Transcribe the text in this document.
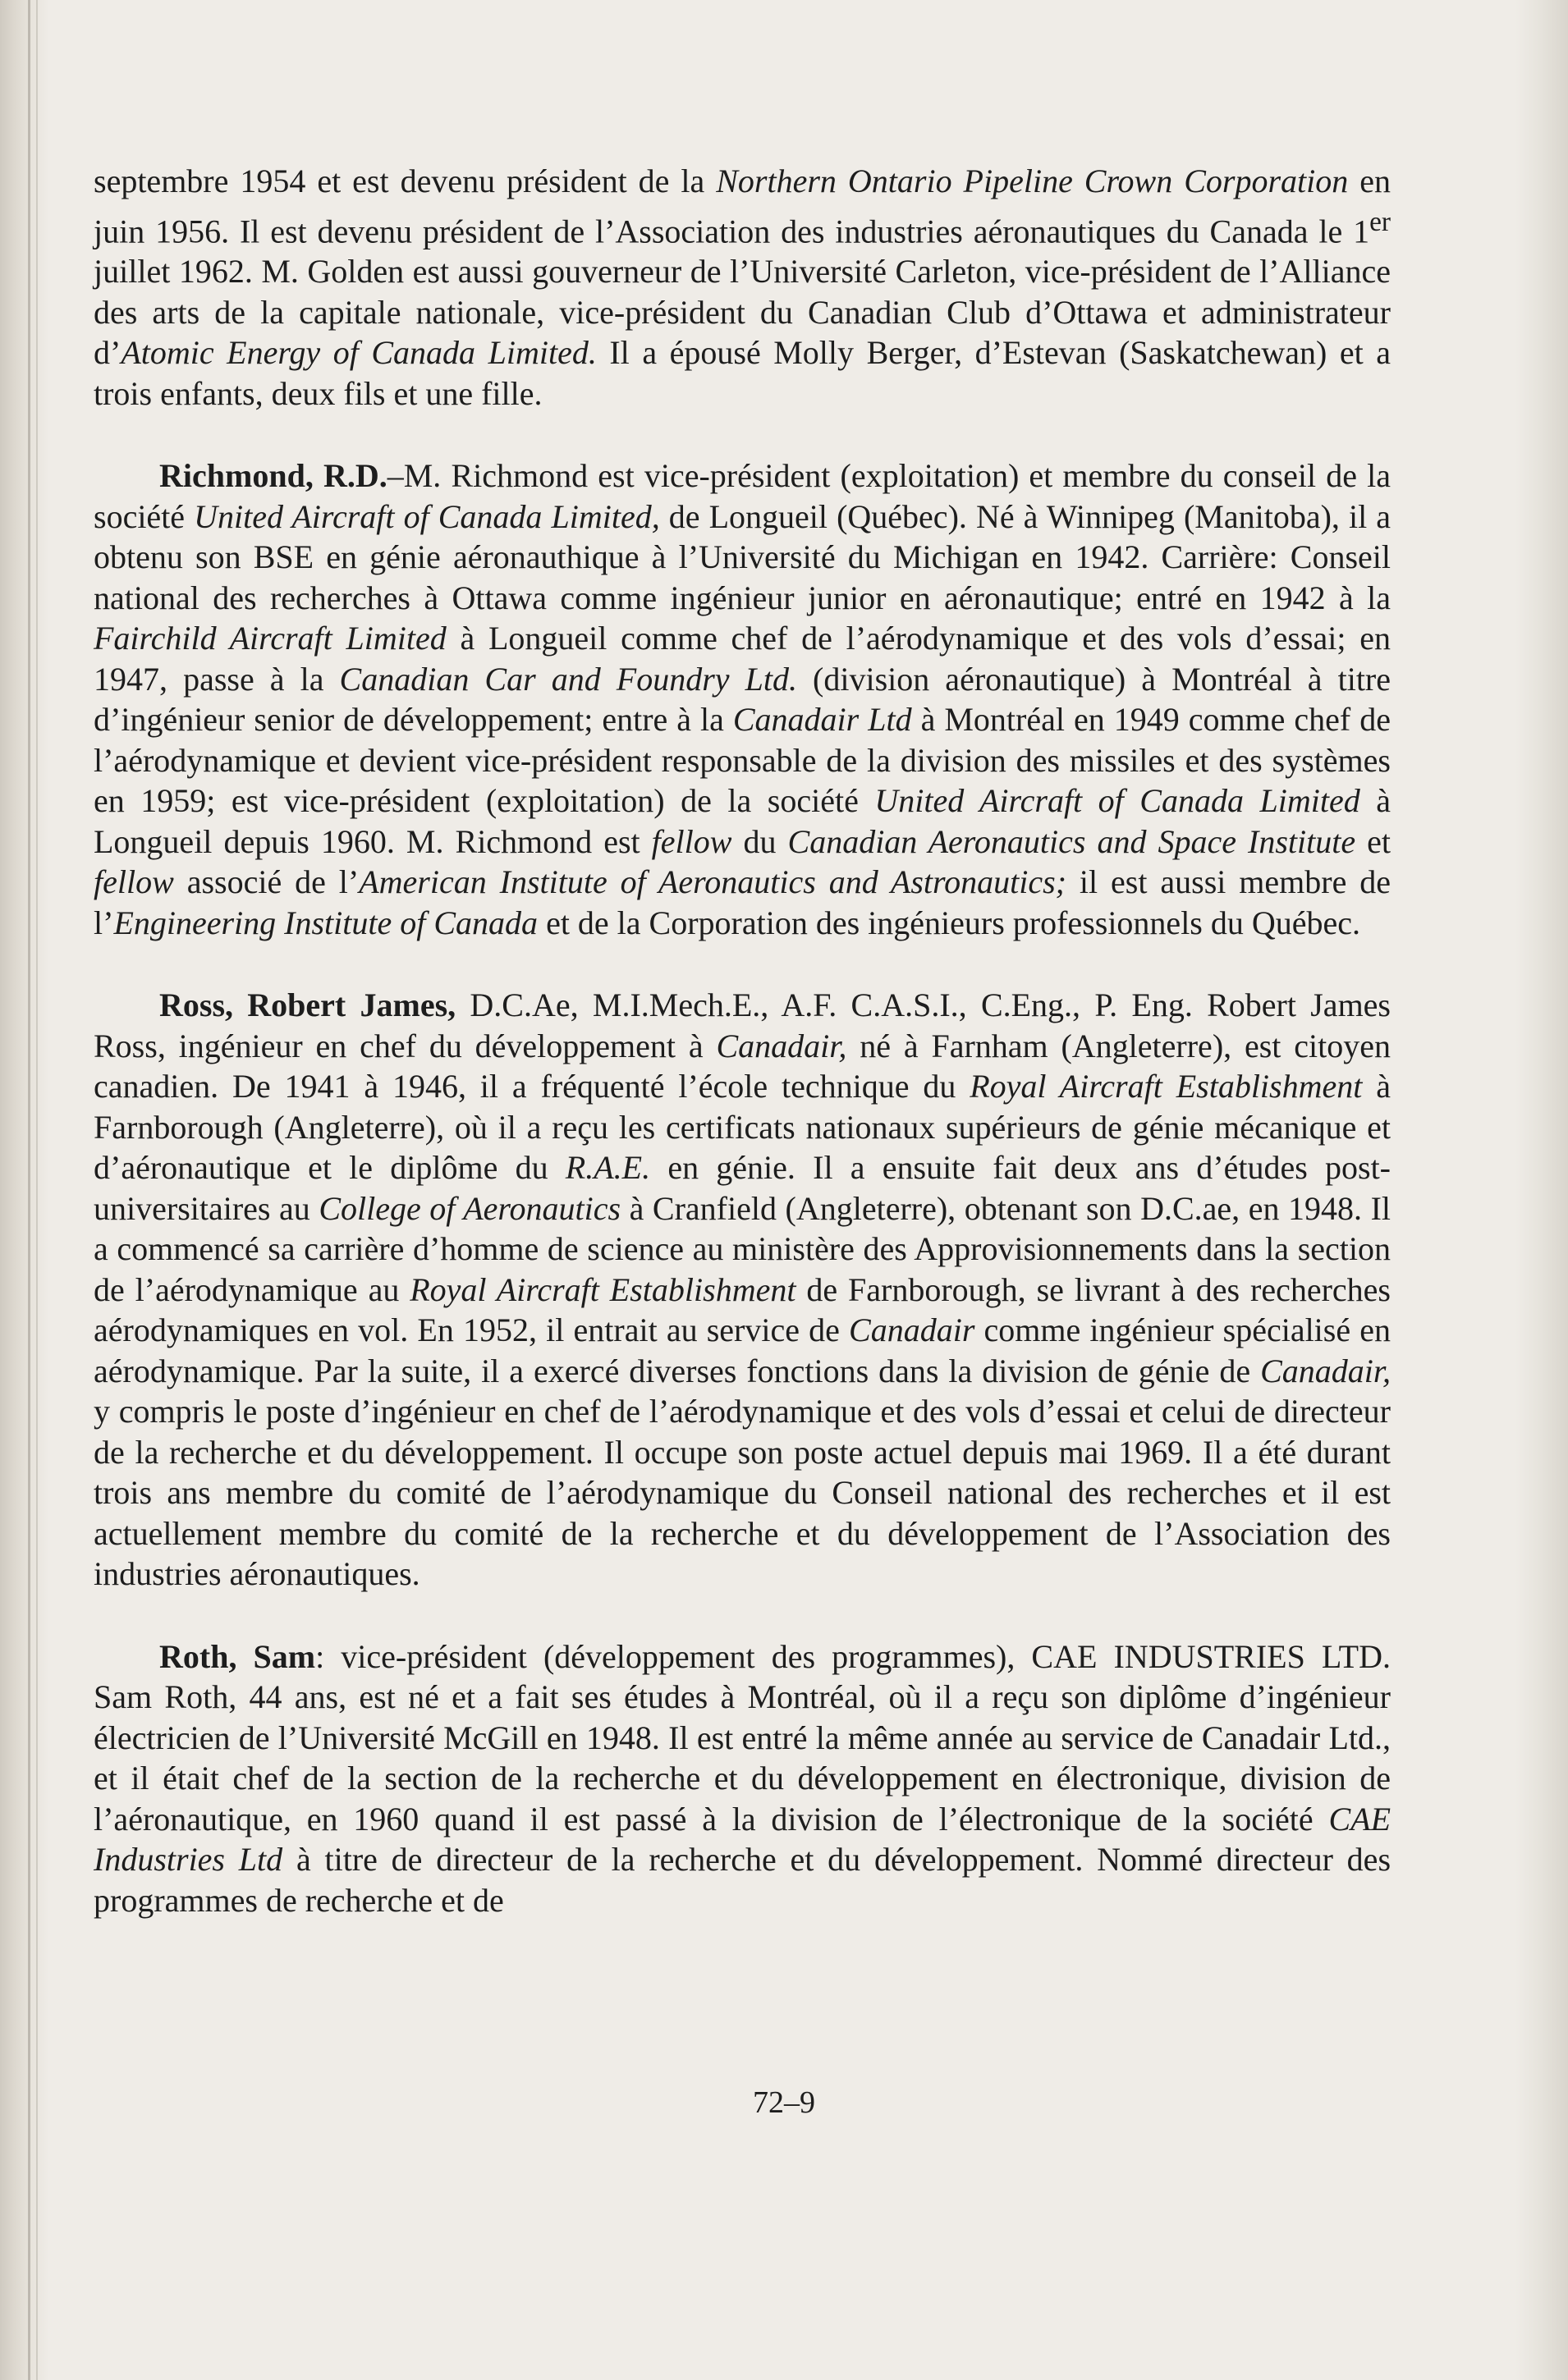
septembre 1954 et est devenu président de la Northern Ontario Pipeline Crown Corporation en juin 1956. Il est devenu président de l’Association des industries aéronautiques du Canada le 1er juillet 1962. M. Golden est aussi gouverneur de l’Université Carleton, vice-président de l’Alliance des arts de la capitale nationale, vice-président du Canadian Club d’Ottawa et administrateur d’Atomic Energy of Canada Limited. Il a épousé Molly Berger, d’Estevan (Saskatchewan) et a trois enfants, deux fils et une fille.

Richmond, R.D.–M. Richmond est vice-président (exploitation) et membre du conseil de la société United Aircraft of Canada Limited, de Longueil (Québec). Né à Winnipeg (Manitoba), il a obtenu son BSE en génie aéronauthique à l’Université du Michigan en 1942. Carrière: Conseil national des recherches à Ottawa comme ingénieur junior en aéronautique; entré en 1942 à la Fairchild Aircraft Limited à Longueil comme chef de l’aérodynamique et des vols d’essai; en 1947, passe à la Canadian Car and Foundry Ltd. (division aéronautique) à Montréal à titre d’ingénieur senior de développement; entre à la Canadair Ltd à Montréal en 1949 comme chef de l’aérodynamique et devient vice-président responsable de la division des missiles et des systèmes en 1959; est vice-président (exploitation) de la société United Aircraft of Canada Limited à Longueil depuis 1960. M. Richmond est fellow du Canadian Aeronautics and Space Institute et fellow associé de l’American Institute of Aeronautics and Astronautics; il est aussi membre de l’Engineering Institute of Canada et de la Corporation des ingénieurs professionnels du Québec.

Ross, Robert James, D.C.Ae, M.I.Mech.E., A.F. C.A.S.I., C.Eng., P. Eng. Robert James Ross, ingénieur en chef du développement à Canadair, né à Farnham (Angleterre), est citoyen canadien. De 1941 à 1946, il a fréquenté l’école technique du Royal Aircraft Establishment à Farnborough (Angleterre), où il a reçu les certificats nationaux supérieurs de génie mécanique et d’aéronautique et le diplôme du R.A.E. en génie. Il a ensuite fait deux ans d’études post-universitaires au College of Aeronautics à Cranfield (Angleterre), obtenant son D.C.ae, en 1948. Il a commencé sa carrière d’homme de science au ministère des Approvisionnements dans la section de l’aérodynamique au Royal Aircraft Establishment de Farnborough, se livrant à des recherches aérodynamiques en vol. En 1952, il entrait au service de Canadair comme ingénieur spécialisé en aérodynamique. Par la suite, il a exercé diverses fonctions dans la division de génie de Canadair, y compris le poste d’ingénieur en chef de l’aérodynamique et des vols d’essai et celui de directeur de la recherche et du développement. Il occupe son poste actuel depuis mai 1969. Il a été durant trois ans membre du comité de l’aérodynamique du Conseil national des recherches et il est actuellement membre du comité de la recherche et du développement de l’Association des industries aéronautiques.

Roth, Sam: vice-président (développement des programmes), CAE INDUSTRIES LTD. Sam Roth, 44 ans, est né et a fait ses études à Montréal, où il a reçu son diplôme d’ingénieur électricien de l’Université McGill en 1948. Il est entré la même année au service de Canadair Ltd., et il était chef de la section de la recherche et du développement en électronique, division de l’aéronautique, en 1960 quand il est passé à la division de l’électronique de la société CAE Industries Ltd à titre de directeur de la recherche et du développement. Nommé directeur des programmes de recherche et de

72–9
